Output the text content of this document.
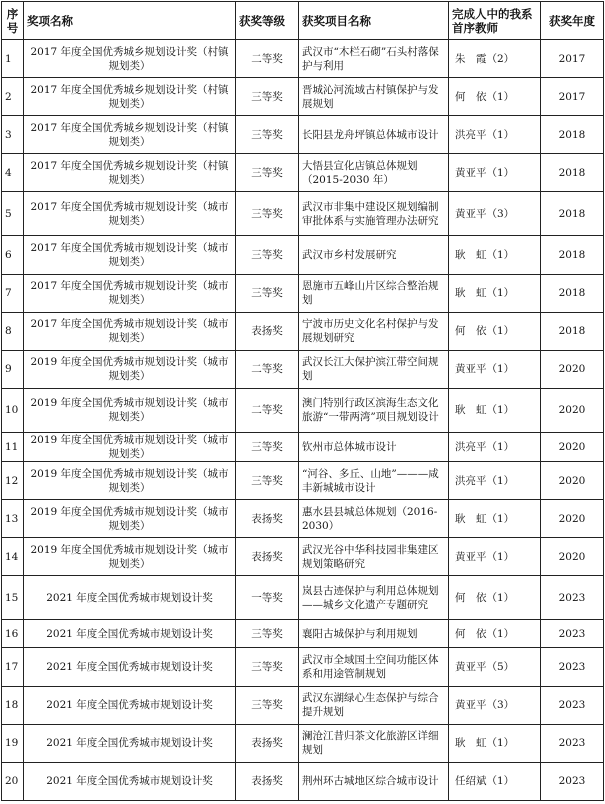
序号	奖项名称	获奖等级	获奖项目名称	完成人中的我系首序教师	获奖年度
1	2017 年度全国优秀城乡规划设计奖（村镇规划类）	二等奖	武汉市“木栏石砌”石头村落保护与利用	朱　霞（2）	2017
2	2017 年度全国优秀城乡规划设计奖（村镇规划类）	三等奖	晋城沁河流域古村镇保护与发展规划	何　依（1）	2017
3	2017 年度全国优秀城乡规划设计奖（村镇规划类）	三等奖	长阳县龙舟坪镇总体城市设计	洪亮平（1）	2018
4	2017 年度全国优秀城乡规划设计奖（村镇规划类）	三等奖	大悟县宣化店镇总体规划（2015-2030 年）	黄亚平（1）	2018
5	2017 年度全国优秀城市规划设计奖（城市规划类）	三等奖	武汉市非集中建设区规划编制审批体系与实施管理办法研究	黄亚平（3）	2018
6	2017 年度全国优秀城市规划设计奖（城市规划类）	三等奖	武汉市乡村发展研究	耿　虹（1）	2018
7	2017 年度全国优秀城市规划设计奖（城市规划类）	三等奖	恩施市五峰山片区综合整治规划	耿　虹（1）	2018
8	2017 年度全国优秀城市规划设计奖（城市规划类）	表扬奖	宁波市历史文化名村保护与发展规划研究	何　依（1）	2018
9	2019 年度全国优秀城市规划设计奖（城市规划类）	二等奖	武汉长江大保护滨江带空间规划	黄亚平（1）	2020
10	2019 年度全国优秀城市规划设计奖（城市规划类）	二等奖	澳门特别行政区滨海生态文化旅游“一带两湾”项目规划设计	耿　虹（1）	2020
11	2019 年度全国优秀城市规划设计奖（城市规划类）	三等奖	钦州市总体城市设计	洪亮平（1）	2020
12	2019 年度全国优秀城市规划设计奖（城市规划类）	三等奖	“河谷、多丘、山地”———咸丰新城城市设计	洪亮平（1）	2020
13	2019 年度全国优秀城市规划设计奖（城市规划类）	表扬奖	惠水县县城总体规划（2016-2030）	耿　虹（1）	2020
14	2019 年度全国优秀城市规划设计奖（城市规划类）	表扬奖	武汉光谷中华科技园非集建区规划策略研究	黄亚平（1）	2020
15	2021 年度全国优秀城市规划设计奖	一等奖	岚县古迹保护与利用总体规划——城乡文化遗产专题研究	何　依（1）	2023
16	2021 年度全国优秀城市规划设计奖	三等奖	襄阳古城保护与利用规划	何　依（1）	2023
17	2021 年度全国优秀城市规划设计奖	三等奖	武汉市全域国土空间功能区体系和用途管制规划	黄亚平（5）	2023
18	2021 年度全国优秀城市规划设计奖	三等奖	武汉东湖绿心生态保护与综合提升规划	黄亚平（3）	2023
19	2021 年度全国优秀城市规划设计奖	表扬奖	澜沧江昔归茶文化旅游区详细规划	耿　虹（1）	2023
20	2021 年度全国优秀城市规划设计奖	表扬奖	荆州环古城地区综合城市设计	任绍斌（1）	2023
